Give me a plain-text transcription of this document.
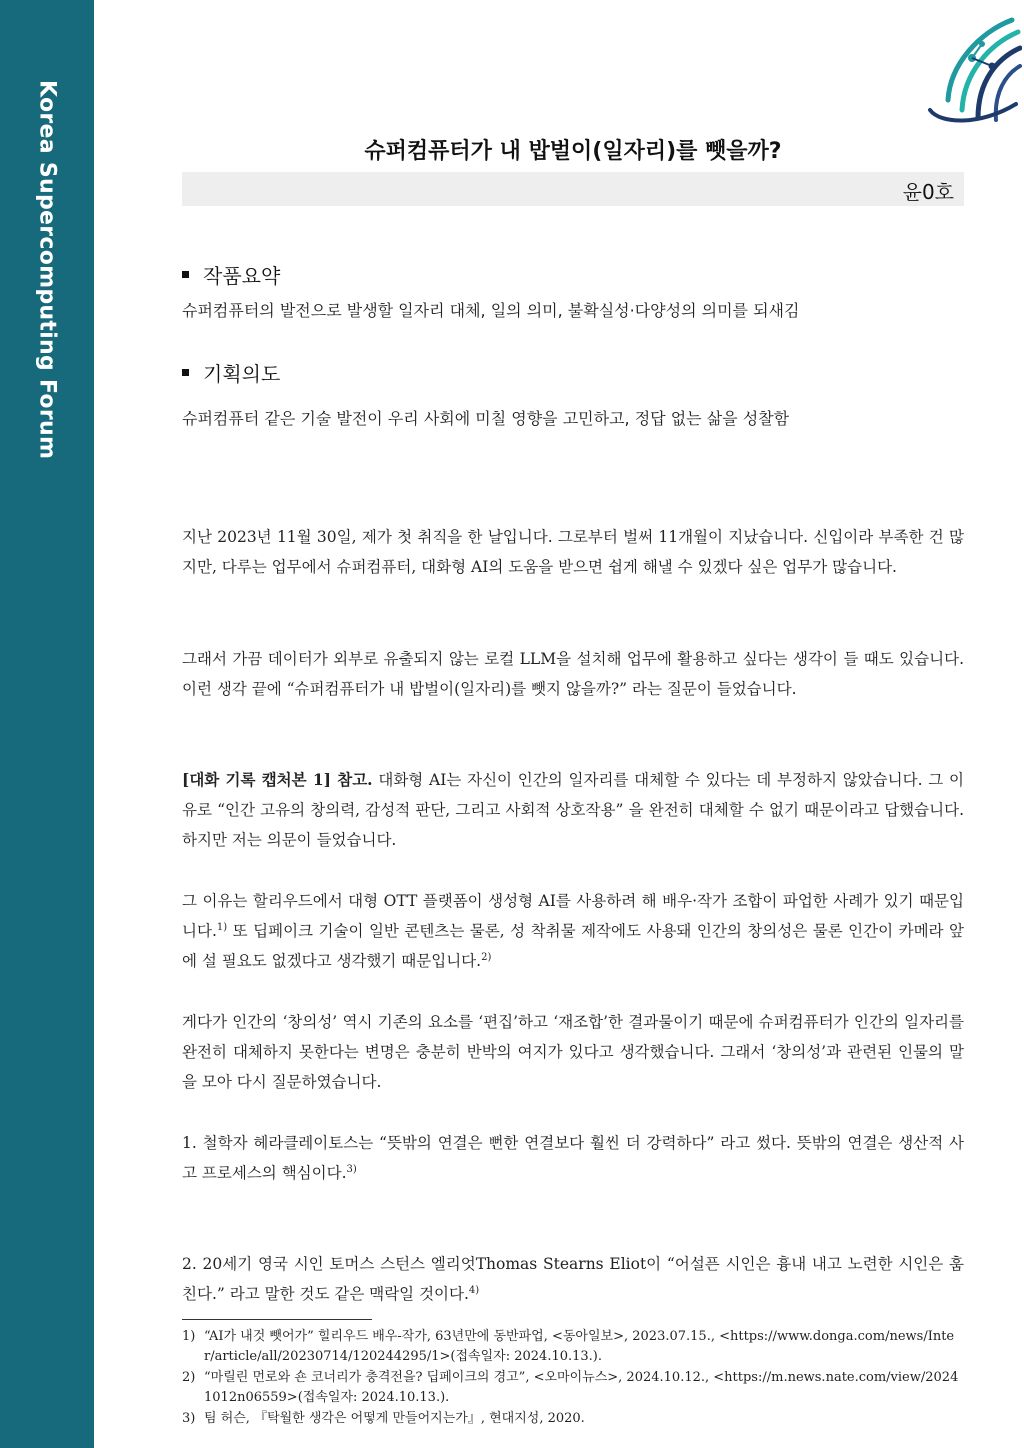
Korea Supercomputing Forum	슈퍼컴퓨터가 내 밥벌이(일자리)를 뺏을까?
윤0호
작품요약
슈퍼컴퓨터의 발전으로 발생할 일자리 대체, 일의 의미, 불확실성·다양성의 의미를 되새김
기획의도
슈퍼컴퓨터 같은 기술 발전이 우리 사회에 미칠 영향을 고민하고, 정답 없는 삶을 성찰함

지난 2023년 11월 30일, 제가 첫 취직을 한 날입니다. 그로부터 벌써 11개월이 지났습니다. 신입이라 부족한 건 많지만, 다루는 업무에서 슈퍼컴퓨터, 대화형 AI의 도움을 받으면 쉽게 해낼 수 있겠다 싶은 업무가 많습니다.

그래서 가끔 데이터가 외부로 유출되지 않는 로컬 LLM을 설치해 업무에 활용하고 싶다는 생각이 들 때도 있습니다. 이런 생각 끝에 “슈퍼컴퓨터가 내 밥벌이(일자리)를 뺏지 않을까?” 라는 질문이 들었습니다.

[대화 기록 캡처본 1] 참고. 대화형 AI는 자신이 인간의 일자리를 대체할 수 있다는 데 부정하지 않았습니다. 그 이유로 “인간 고유의 창의력, 감성적 판단, 그리고 사회적 상호작용” 을 완전히 대체할 수 없기 때문이라고 답했습니다. 하지만 저는 의문이 들었습니다.

그 이유는 할리우드에서 대형 OTT 플랫폼이 생성형 AI를 사용하려 해 배우·작가 조합이 파업한 사례가 있기 때문입니다.$^{1)}$ 또 딥페이크 기술이 일반 콘텐츠는 물론, 성 착취물 제작에도 사용돼 인간의 창의성은 물론 인간이 카메라 앞에 설 필요도 없겠다고 생각했기 때문입니다.$^{2)}$

게다가 인간의 ‘창의성’ 역시 기존의 요소를 ‘편집’하고 ‘재조합’한 결과물이기 때문에 슈퍼컴퓨터가 인간의 일자리를 완전히 대체하지 못한다는 변명은 충분히 반박의 여지가 있다고 생각했습니다. 그래서 ‘창의성’과 관련된 인물의 말을 모아 다시 질문하였습니다.

1. 철학자 헤라클레이토스는 “뜻밖의 연결은 뻔한 연결보다 훨씬 더 강력하다” 라고 썼다. 뜻밖의 연결은 생산적 사고 프로세스의 핵심이다.$^{3)}$

2. 20세기 영국 시인 토머스 스턴스 엘리엇Thomas Stearns Eliot이 “어설픈 시인은 흉내 내고 노련한 시인은 훔친다.” 라고 말한 것도 같은 맥락일 것이다.$^{4)}$

1) “AI가 내것 뺏어가” 힐리우드 배우-작가, 63년만에 동반파업, <동아일보>, 2023.07.15., <https://www.donga.com/news/Inter/article/all/20230714/120244295/1>(접속일자: 2024.10.13.).
2) “마릴린 먼로와 숀 코너리가 충격전을? 딥페이크의 경고”, <오마이뉴스>, 2024.10.12., <https://m.news.nate.com/view/20241012n06559>(접속일자: 2024.10.13.).
3) 팀 허슨, 『탁월한 생각은 어떻게 만들어지는가』, 현대지성, 2020.
